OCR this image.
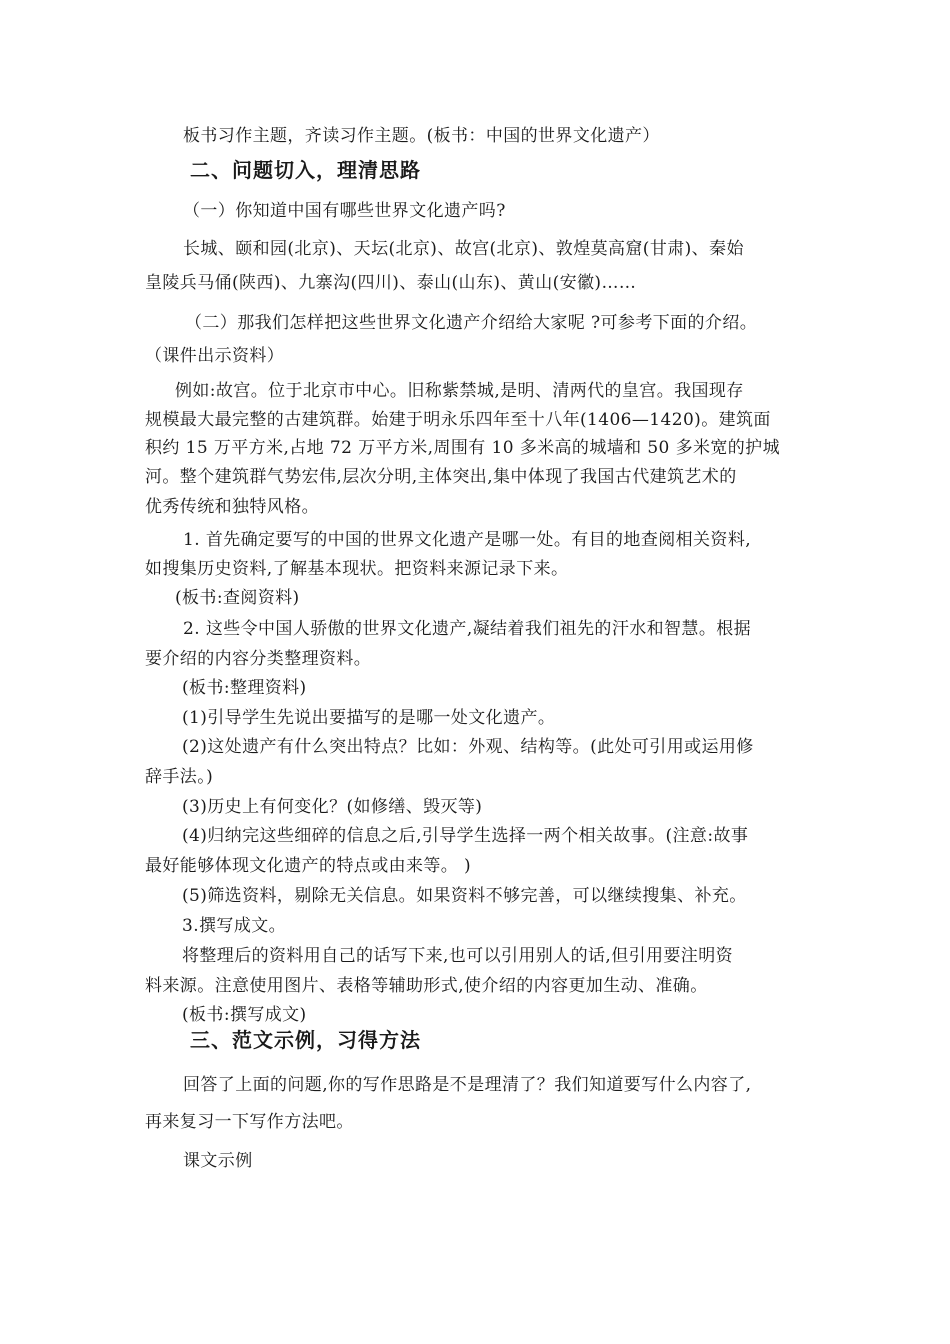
板书习作主题，齐读习作主题。(板书：中国的世界文化遗产）
二、问题切入，理清思路
（一）你知道中国有哪些世界文化遗产吗?
长城、颐和园(北京)、天坛(北京)、故宫(北京)、敦煌莫高窟(甘肃)、秦始
皇陵兵马俑(陕西)、九寨沟(四川)、泰山(山东)、黄山(安徽)……
（二）那我们怎样把这些世界文化遗产介绍给大家呢 ?可参考下面的介绍。
（课件出示资料）
例如:故宫。位于北京市中心。旧称紫禁城,是明、清两代的皇宫。我国现存
规模最大最完整的古建筑群。始建于明永乐四年至十八年(1406—1420)。建筑面
积约 15 万平方米,占地 72 万平方米,周围有 10 多米高的城墙和 50 多米宽的护城
河。整个建筑群气势宏伟,层次分明,主体突出,集中体现了我国古代建筑艺术的
优秀传统和独特风格。
1. 首先确定要写的中国的世界文化遗产是哪一处。有目的地查阅相关资料,
如搜集历史资料,了解基本现状。把资料来源记录下来。
(板书:查阅资料)
2. 这些令中国人骄傲的世界文化遗产,凝结着我们祖先的汗水和智慧。根据
要介绍的内容分类整理资料。
(板书:整理资料)
(1)引导学生先说出要描写的是哪一处文化遗产。
(2)这处遗产有什么突出特点？比如：外观、结构等。(此处可引用或运用修
辞手法。)
(3)历史上有何变化？(如修缮、毁灭等)
(4)归纳完这些细碎的信息之后,引导学生选择一两个相关故事。(注意:故事
最好能够体现文化遗产的特点或由来等。 )
(5)筛选资料，剔除无关信息。如果资料不够完善，可以继续搜集、补充。
3.撰写成文。
将整理后的资料用自己的话写下来,也可以引用别人的话,但引用要注明资
料来源。注意使用图片、表格等辅助形式,使介绍的内容更加生动、准确。
(板书:撰写成文)
三、范文示例，习得方法
回答了上面的问题,你的写作思路是不是理清了？我们知道要写什么内容了,
再来复习一下写作方法吧。
课文示例
